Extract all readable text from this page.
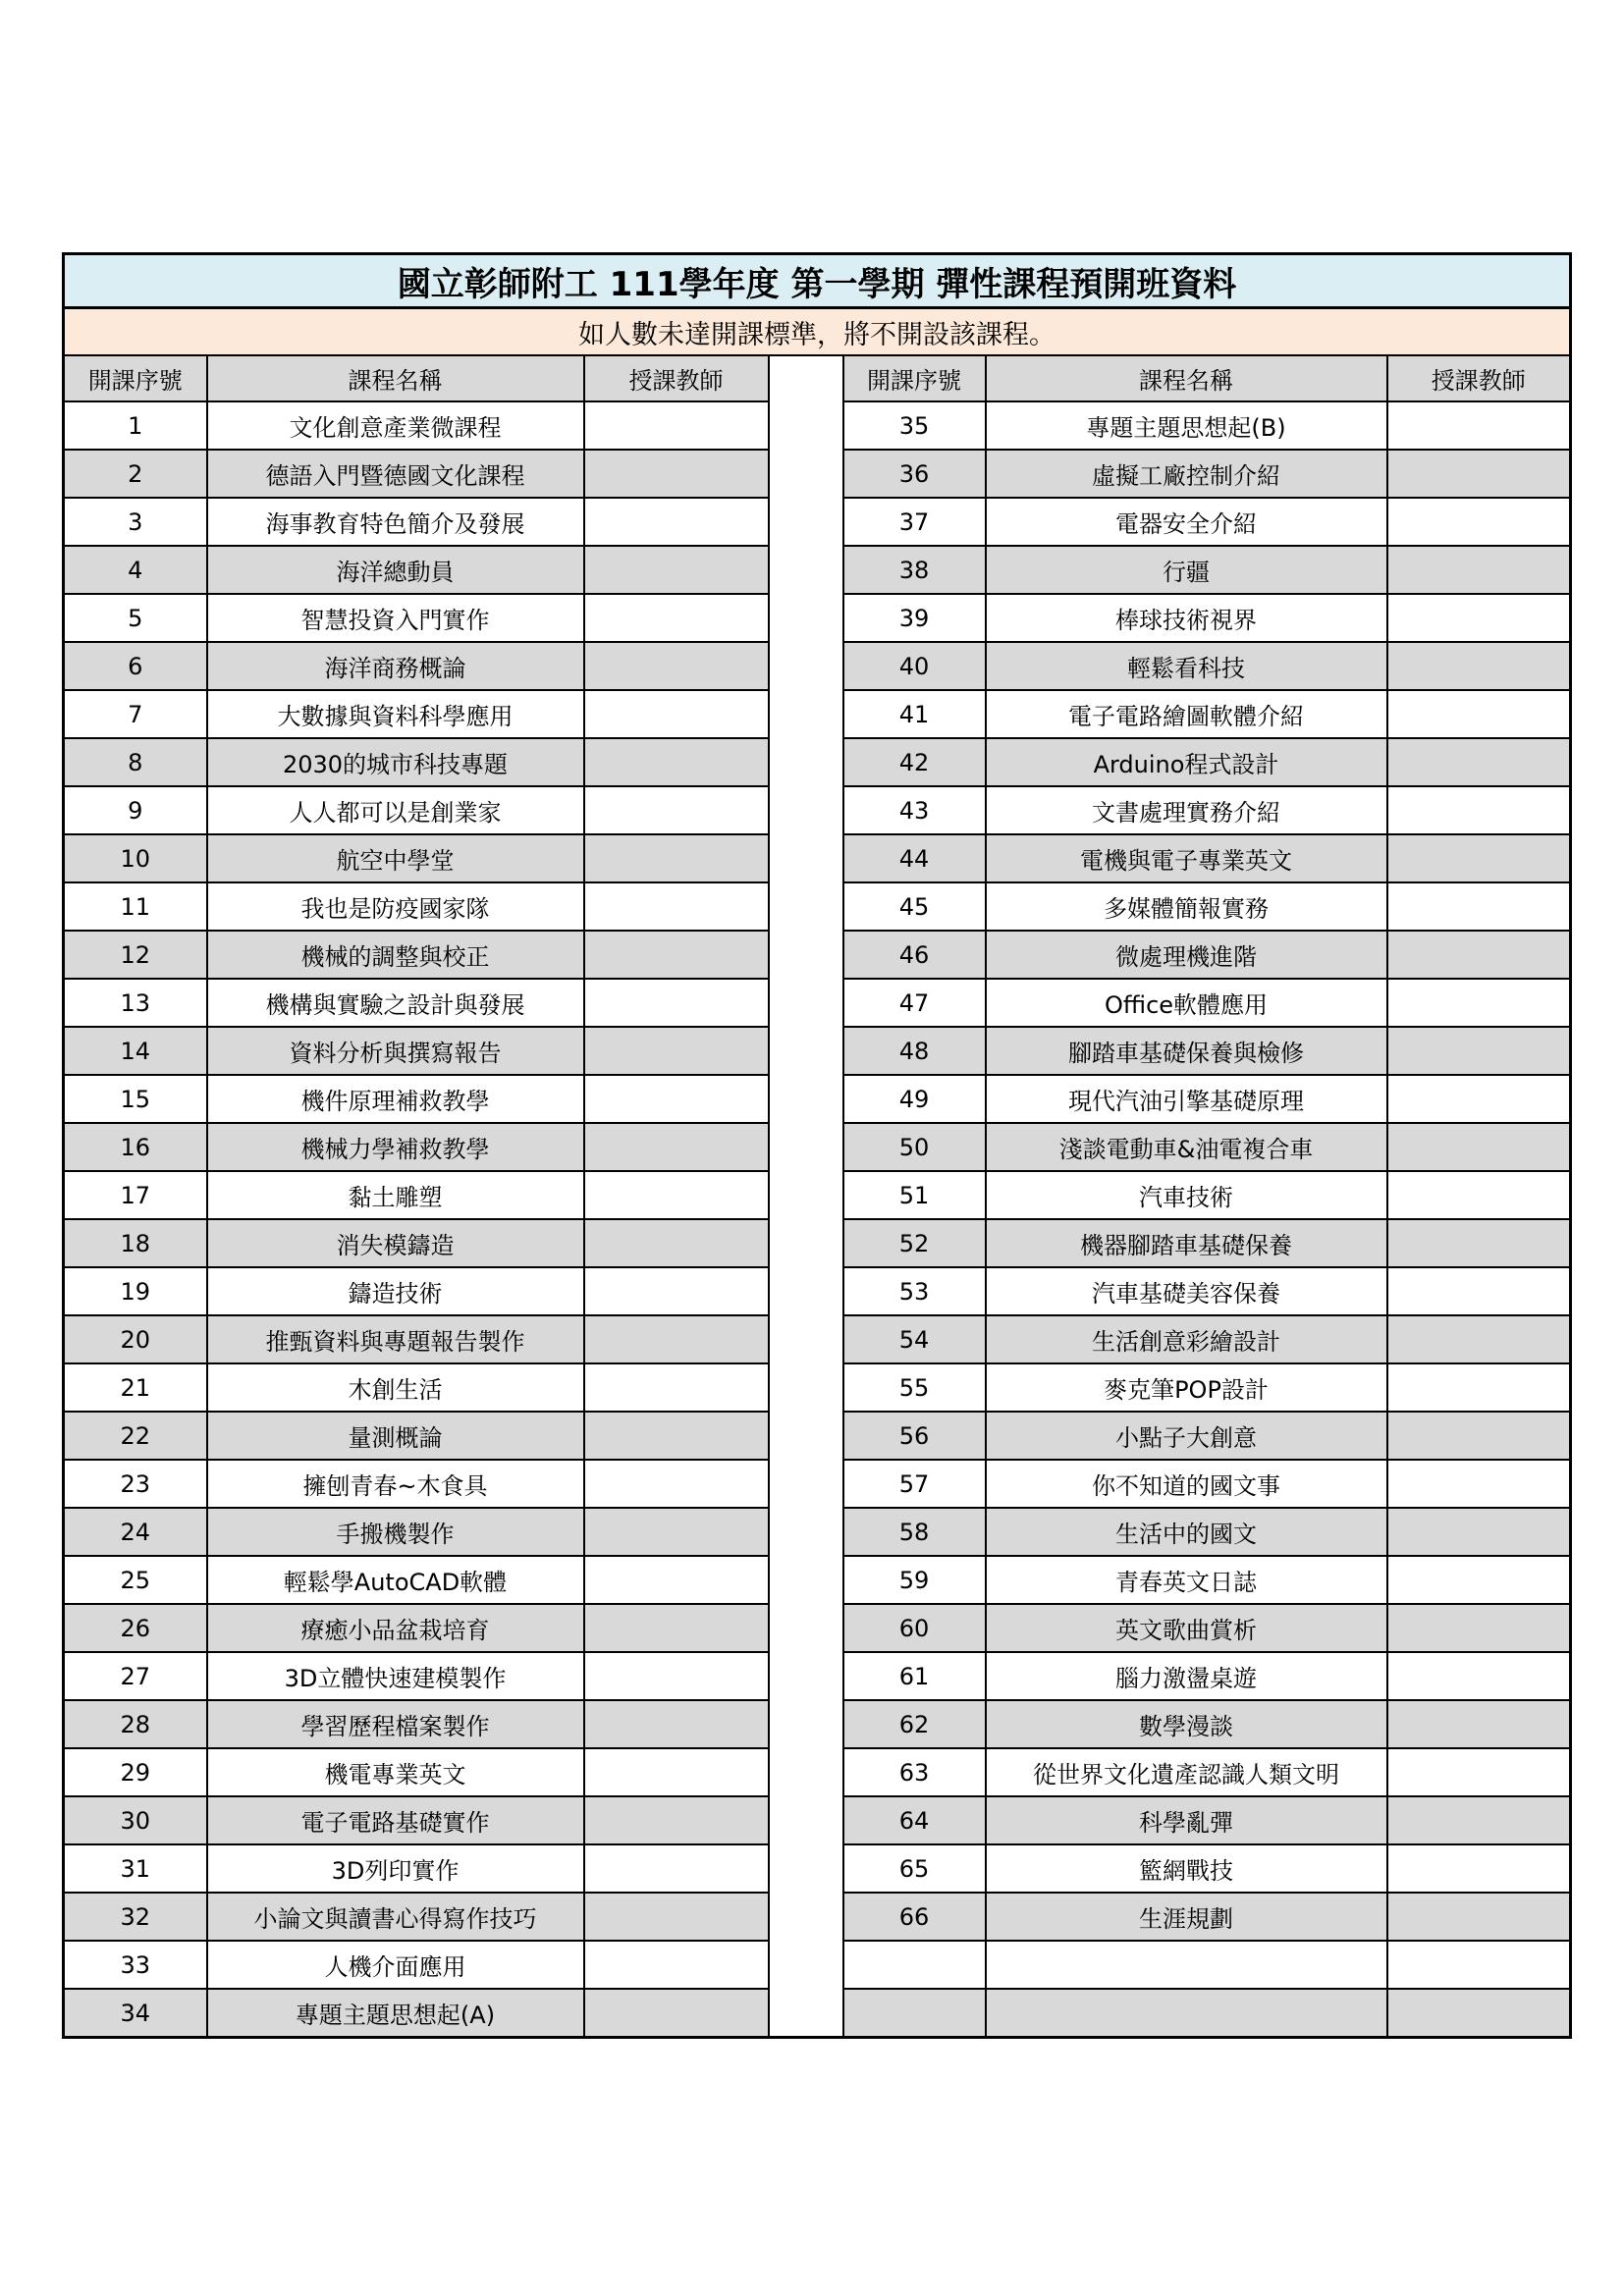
國立彰師附工 111學年度 第一學期 彈性課程預開班資料						
如人數未達開課標準，將不開設該課程。						
開課序號	課程名稱	授課教師		開課序號	課程名稱	授課教師
1	文化創意產業微課程			35	專題主題思想起(B)	
2	德語入門暨德國文化課程			36	虛擬工廠控制介紹	
3	海事教育特色簡介及發展			37	電器安全介紹	
4	海洋總動員			38	行疆	
5	智慧投資入門實作			39	棒球技術視界	
6	海洋商務概論			40	輕鬆看科技	
7	大數據與資料科學應用			41	電子電路繪圖軟體介紹	
8	2030的城市科技專題			42	Arduino程式設計	
9	人人都可以是創業家			43	文書處理實務介紹	
10	航空中學堂			44	電機與電子專業英文	
11	我也是防疫國家隊			45	多媒體簡報實務	
12	機械的調整與校正			46	微處理機進階	
13	機構與實驗之設計與發展			47	Office軟體應用	
14	資料分析與撰寫報告			48	腳踏車基礎保養與檢修	
15	機件原理補救教學			49	現代汽油引擎基礎原理	
16	機械力學補救教學			50	淺談電動車&油電複合車	
17	黏土雕塑			51	汽車技術	
18	消失模鑄造			52	機器腳踏車基礎保養	
19	鑄造技術			53	汽車基礎美容保養	
20	推甄資料與專題報告製作			54	生活創意彩繪設計	
21	木創生活			55	麥克筆POP設計	
22	量測概論			56	小點子大創意	
23	擁刨青春~木食具			57	你不知道的國文事	
24	手搬機製作			58	生活中的國文	
25	輕鬆學AutoCAD軟體			59	青春英文日誌	
26	療癒小品盆栽培育			60	英文歌曲賞析	
27	3D立體快速建模製作			61	腦力激盪桌遊	
28	學習歷程檔案製作			62	數學漫談	
29	機電專業英文			63	從世界文化遺產認識人類文明	
30	電子電路基礎實作			64	科學亂彈	
31	3D列印實作			65	籃網戰技	
32	小論文與讀書心得寫作技巧			66	生涯規劃	
33	人機介面應用					
34	專題主題思想起(A)					
